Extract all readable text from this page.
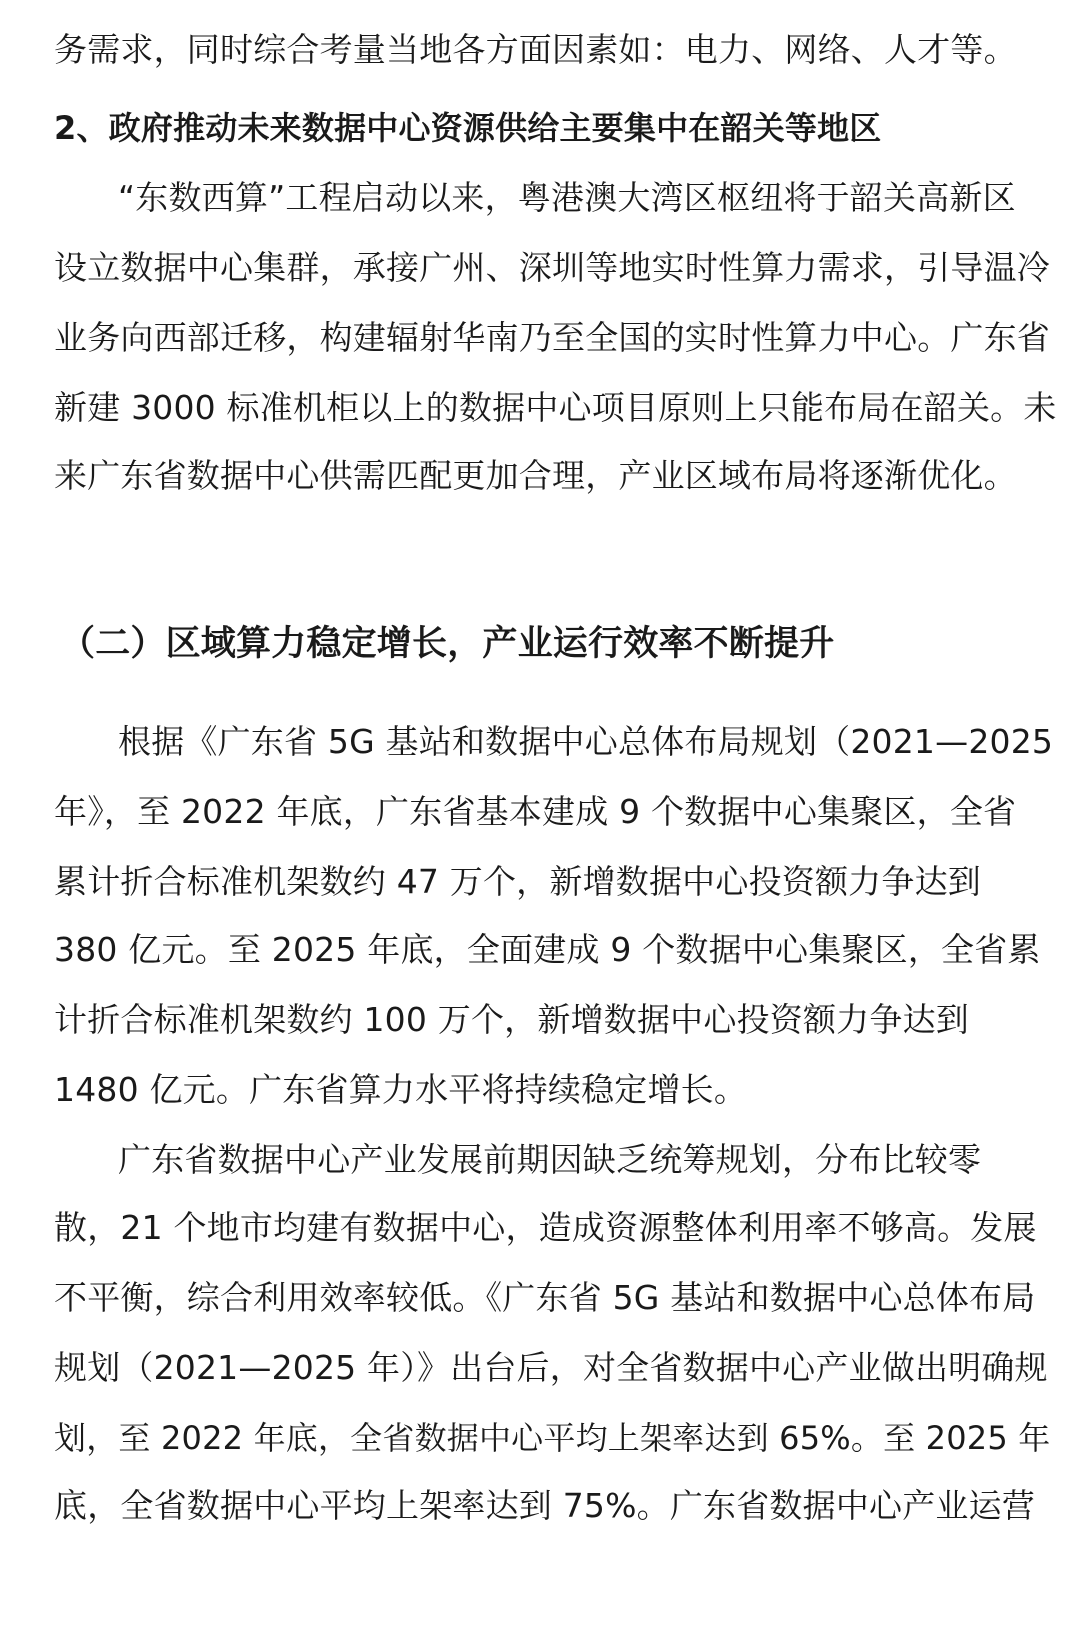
务需求，同时综合考量当地各方面因素如：电力、网络、人才等。
2、政府推动未来数据中心资源供给主要集中在韶关等地区
“东数西算”工程启动以来，粤港澳大湾区枢纽将于韶关高新区
设立数据中心集群，承接广州、深圳等地实时性算力需求，引导温冷
业务向西部迁移，构建辐射华南乃至全国的实时性算力中心。广东省
新建 3000 标准机柜以上的数据中心项目原则上只能布局在韶关。未
来广东省数据中心供需匹配更加合理，产业区域布局将逐渐优化。
（二）区域算力稳定增长，产业运行效率不断提升
根据《广东省 5G 基站和数据中心总体布局规划（2021—2025
年》，至 2022 年底，广东省基本建成 9 个数据中心集聚区，全省
累计折合标准机架数约 47 万个，新增数据中心投资额力争达到
380 亿元。至 2025 年底，全面建成 9 个数据中心集聚区，全省累
计折合标准机架数约 100 万个，新增数据中心投资额力争达到
1480 亿元。广东省算力水平将持续稳定增长。
广东省数据中心产业发展前期因缺乏统筹规划，分布比较零
散，21 个地市均建有数据中心，造成资源整体利用率不够高。发展
不平衡，综合利用效率较低。《广东省 5G 基站和数据中心总体布局
规划（2021—2025 年）》出台后，对全省数据中心产业做出明确规
划，至 2022 年底，全省数据中心平均上架率达到 65%。至 2025 年
底，全省数据中心平均上架率达到 75%。广东省数据中心产业运营
